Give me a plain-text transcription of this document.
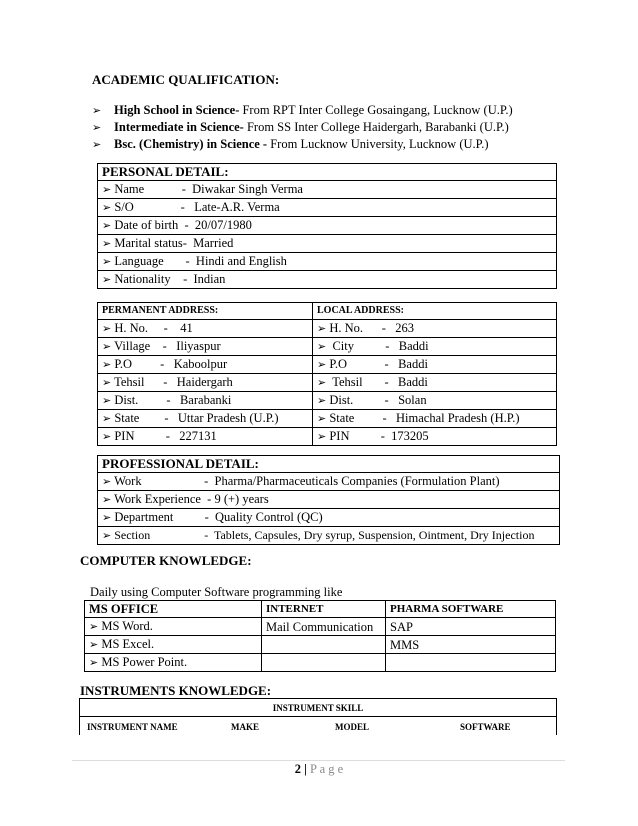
ACADEMIC QUALIFICATION:
➢ High School in Science- From RPT Inter College Gosaingang, Lucknow (U.P.)
➢ Intermediate in Science- From SS Inter College Haidergarh, Barabanki (U.P.)
➢ Bsc. (Chemistry) in Science - From Lucknow University, Lucknow (U.P.)
PERSONAL DETAIL:
➢ Name            -  Diwakar Singh Verma
➢ S/O               -   Late-A.R. Verma
➢ Date of birth  -  20/07/1980
➢ Marital status-  Married
➢ Language       -  Hindi and English
➢ Nationality    -  Indian
PERMANENT ADDRESS:	LOCAL ADDRESS:
➢ H. No.     -    41	➢ H. No.      -   263
➢ Village    -   Iliyaspur	➢  City          -   Baddi
➢ P.O         -   Kaboolpur	➢ P.O            -   Baddi
➢ Tehsil      -   Haidergarh	➢  Tehsil       -   Baddi
➢ Dist.         -   Barabanki	➢ Dist.          -   Solan
➢ State        -   Uttar Pradesh (U.P.)	➢ State         -   Himachal Pradesh (H.P.)
➢ PIN          -   227131	➢ PIN          -  173205
PROFESSIONAL DETAIL:
➢ Work                    -  Pharma/Pharmaceuticals Companies (Formulation Plant)
➢ Work Experience  - 9 (+) years
➢ Department          -  Quality Control (QC)
➢ Section                  -  Tablets, Capsules, Dry syrup, Suspension, Ointment, Dry Injection
COMPUTER KNOWLEDGE:
Daily using Computer Software programming like
MS OFFICE	INTERNET	PHARMA SOFTWARE
➢ MS Word.	Mail Communication	SAP
➢ MS Excel.		MMS
➢ MS Power Point.		
INSTRUMENTS KNOWLEDGE:
INSTRUMENT SKILL
INSTRUMENT NAME	MAKE	MODEL	SOFTWARE
2 | P a g e
